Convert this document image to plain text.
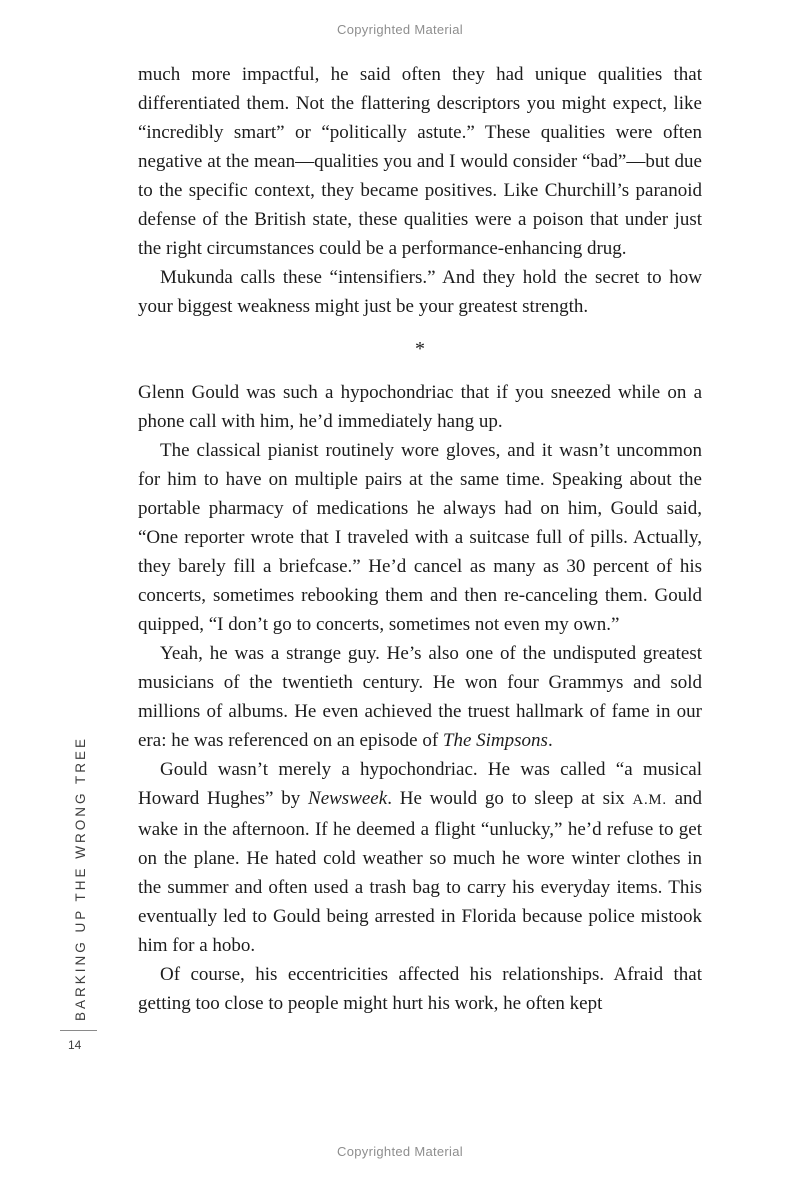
Copyrighted Material
BARKING UP THE WRONG TREE
14

much more impactful, he said often they had unique qualities that differentiated them. Not the flattering descriptors you might expect, like “incredibly smart” or “politically astute.” These qualities were often negative at the mean—qualities you and I would consider “bad”—but due to the specific context, they became positives. Like Churchill’s paranoid defense of the British state, these qualities were a poison that under just the right circumstances could be a performance-enhancing drug.

Mukunda calls these “intensifiers.” And they hold the secret to how your biggest weakness might just be your greatest strength.

*

Glenn Gould was such a hypochondriac that if you sneezed while on a phone call with him, he’d immediately hang up.

The classical pianist routinely wore gloves, and it wasn’t uncommon for him to have on multiple pairs at the same time. Speaking about the portable pharmacy of medications he always had on him, Gould said, “One reporter wrote that I traveled with a suitcase full of pills. Actually, they barely fill a briefcase.” He’d cancel as many as 30 percent of his concerts, sometimes rebooking them and then re-canceling them. Gould quipped, “I don’t go to concerts, sometimes not even my own.”

Yeah, he was a strange guy. He’s also one of the undisputed greatest musicians of the twentieth century. He won four Grammys and sold millions of albums. He even achieved the truest hallmark of fame in our era: he was referenced on an episode of The Simpsons.

Gould wasn’t merely a hypochondriac. He was called “a musical Howard Hughes” by Newsweek. He would go to sleep at six A.M. and wake in the afternoon. If he deemed a flight “unlucky,” he’d refuse to get on the plane. He hated cold weather so much he wore winter clothes in the summer and often used a trash bag to carry his everyday items. This eventually led to Gould being arrested in Florida because police mistook him for a hobo.

Of course, his eccentricities affected his relationships. Afraid that getting too close to people might hurt his work, he often kept

Copyrighted Material
